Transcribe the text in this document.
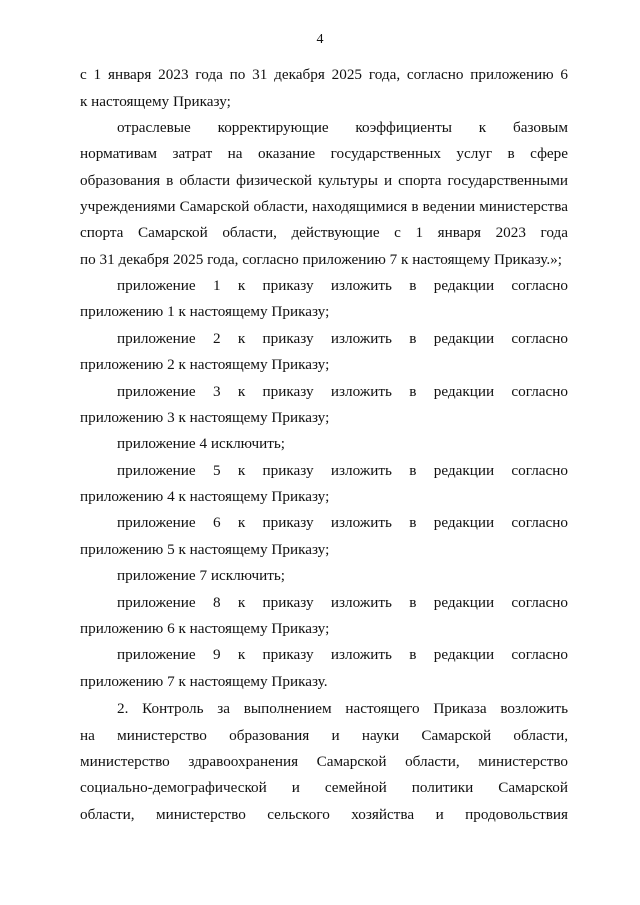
4
с 1 января 2023 года по 31 декабря 2025 года, согласно приложению 6
к настоящему Приказу;
отраслевые корректирующие коэффициенты к базовым
нормативам затрат на оказание государственных услуг в сфере
образования в области физической культуры и спорта государственными
учреждениями Самарской области, находящимися в ведении министерства
спорта Самарской области, действующие с 1 января 2023 года
по 31 декабря 2025 года, согласно приложению 7 к настоящему Приказу.»;
приложение 1 к приказу изложить в редакции согласно
приложению 1 к настоящему Приказу;
приложение 2 к приказу изложить в редакции согласно
приложению 2 к настоящему Приказу;
приложение 3 к приказу изложить в редакции согласно
приложению 3 к настоящему Приказу;
приложение 4 исключить;
приложение 5 к приказу изложить в редакции согласно
приложению 4 к настоящему Приказу;
приложение 6 к приказу изложить в редакции согласно
приложению 5 к настоящему Приказу;
приложение 7 исключить;
приложение 8 к приказу изложить в редакции согласно
приложению 6 к настоящему Приказу;
приложение 9 к приказу изложить в редакции согласно
приложению 7 к настоящему Приказу.
2. Контроль за выполнением настоящего Приказа возложить
на министерство образования и науки Самарской области,
министерство здравоохранения Самарской области, министерство
социально-демографической и семейной политики Самарской
области, министерство сельского хозяйства и продовольствия
